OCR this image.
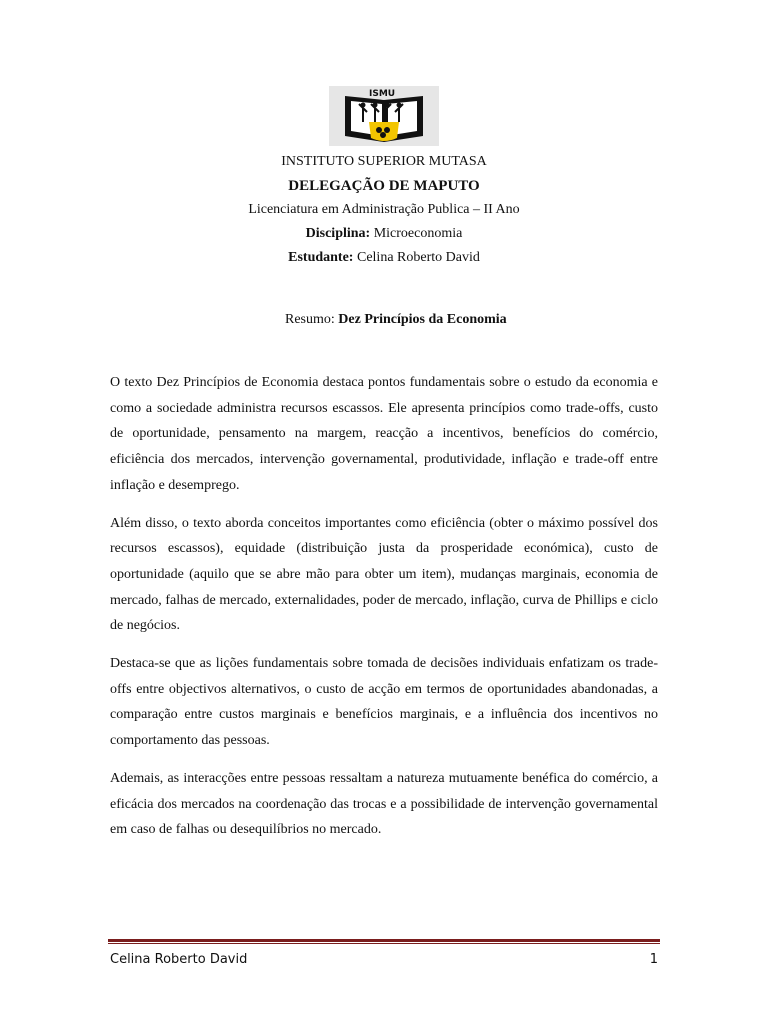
ISMU
INSTITUTO SUPERIOR MUTASA
DELEGAÇÃO DE MAPUTO
Licenciatura em Administração Publica – II Ano
Disciplina: Microeconomia
Estudante: Celina Roberto David
Resumo: Dez Princípios da Economia

O texto Dez Princípios de Economia destaca pontos fundamentais sobre o estudo da economia e como a sociedade administra recursos escassos. Ele apresenta princípios como trade-offs, custo de oportunidade, pensamento na margem, reacção a incentivos, benefícios do comércio, eficiência dos mercados, intervenção governamental, produtividade, inflação e trade-off entre inflação e desemprego.

Além disso, o texto aborda conceitos importantes como eficiência (obter o máximo possível dos recursos escassos), equidade (distribuição justa da prosperidade económica), custo de oportunidade (aquilo que se abre mão para obter um item), mudanças marginais, economia de mercado, falhas de mercado, externalidades, poder de mercado, inflação, curva de Phillips e ciclo de negócios.

Destaca-se que as lições fundamentais sobre tomada de decisões individuais enfatizam os trade-offs entre objectivos alternativos, o custo de acção em termos de oportunidades abandonadas, a comparação entre custos marginais e benefícios marginais, e a influência dos incentivos no comportamento das pessoas.

Ademais, as interacções entre pessoas ressaltam a natureza mutuamente benéfica do comércio, a eficácia dos mercados na coordenação das trocas e a possibilidade de intervenção governamental em caso de falhas ou desequilíbrios no mercado.

Celina Roberto David	1
